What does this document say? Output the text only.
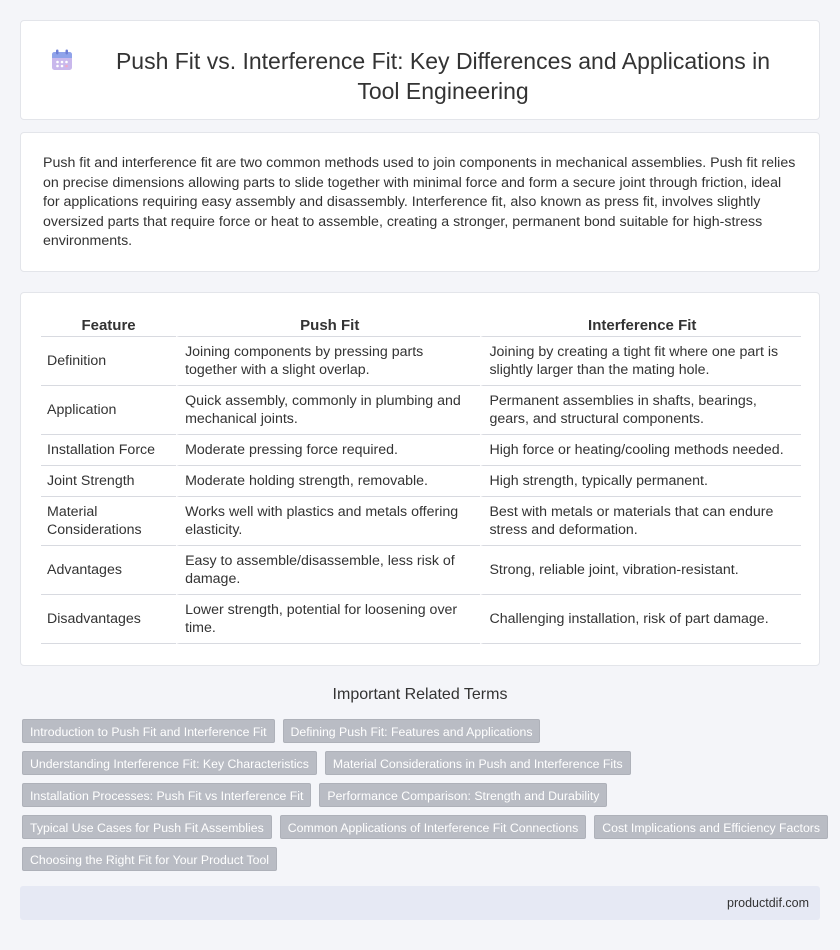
Push Fit vs. Interference Fit: Key Differences and Applications in Tool Engineering

Push fit and interference fit are two common methods used to join components in mechanical assemblies. Push fit relies on precise dimensions allowing parts to slide together with minimal force and form a secure joint through friction, ideal for applications requiring easy assembly and disassembly. Interference fit, also known as press fit, involves slightly oversized parts that require force or heat to assemble, creating a stronger, permanent bond suitable for high-stress environments.

Feature	Push Fit	Interference Fit
Definition	Joining components by pressing parts together with a slight overlap.	Joining by creating a tight fit where one part is slightly larger than the mating hole.
Application	Quick assembly, commonly in plumbing and mechanical joints.	Permanent assemblies in shafts, bearings, gears, and structural components.
Installation Force	Moderate pressing force required.	High force or heating/cooling methods needed.
Joint Strength	Moderate holding strength, removable.	High strength, typically permanent.
Material Considerations	Works well with plastics and metals offering elasticity.	Best with metals or materials that can endure stress and deformation.
Advantages	Easy to assemble/disassemble, less risk of damage.	Strong, reliable joint, vibration-resistant.
Disadvantages	Lower strength, potential for loosening over time.	Challenging installation, risk of part damage.
Important Related Terms
Introduction to Push Fit and Interference Fit	Defining Push Fit: Features and Applications
Understanding Interference Fit: Key Characteristics	Material Considerations in Push and Interference Fits
Installation Processes: Push Fit vs Interference Fit	Performance Comparison: Strength and Durability
Typical Use Cases for Push Fit Assemblies	Common Applications of Interference Fit Connections	Cost Implications and Efficiency Factors
Choosing the Right Fit for Your Product Tool
productdif.com
